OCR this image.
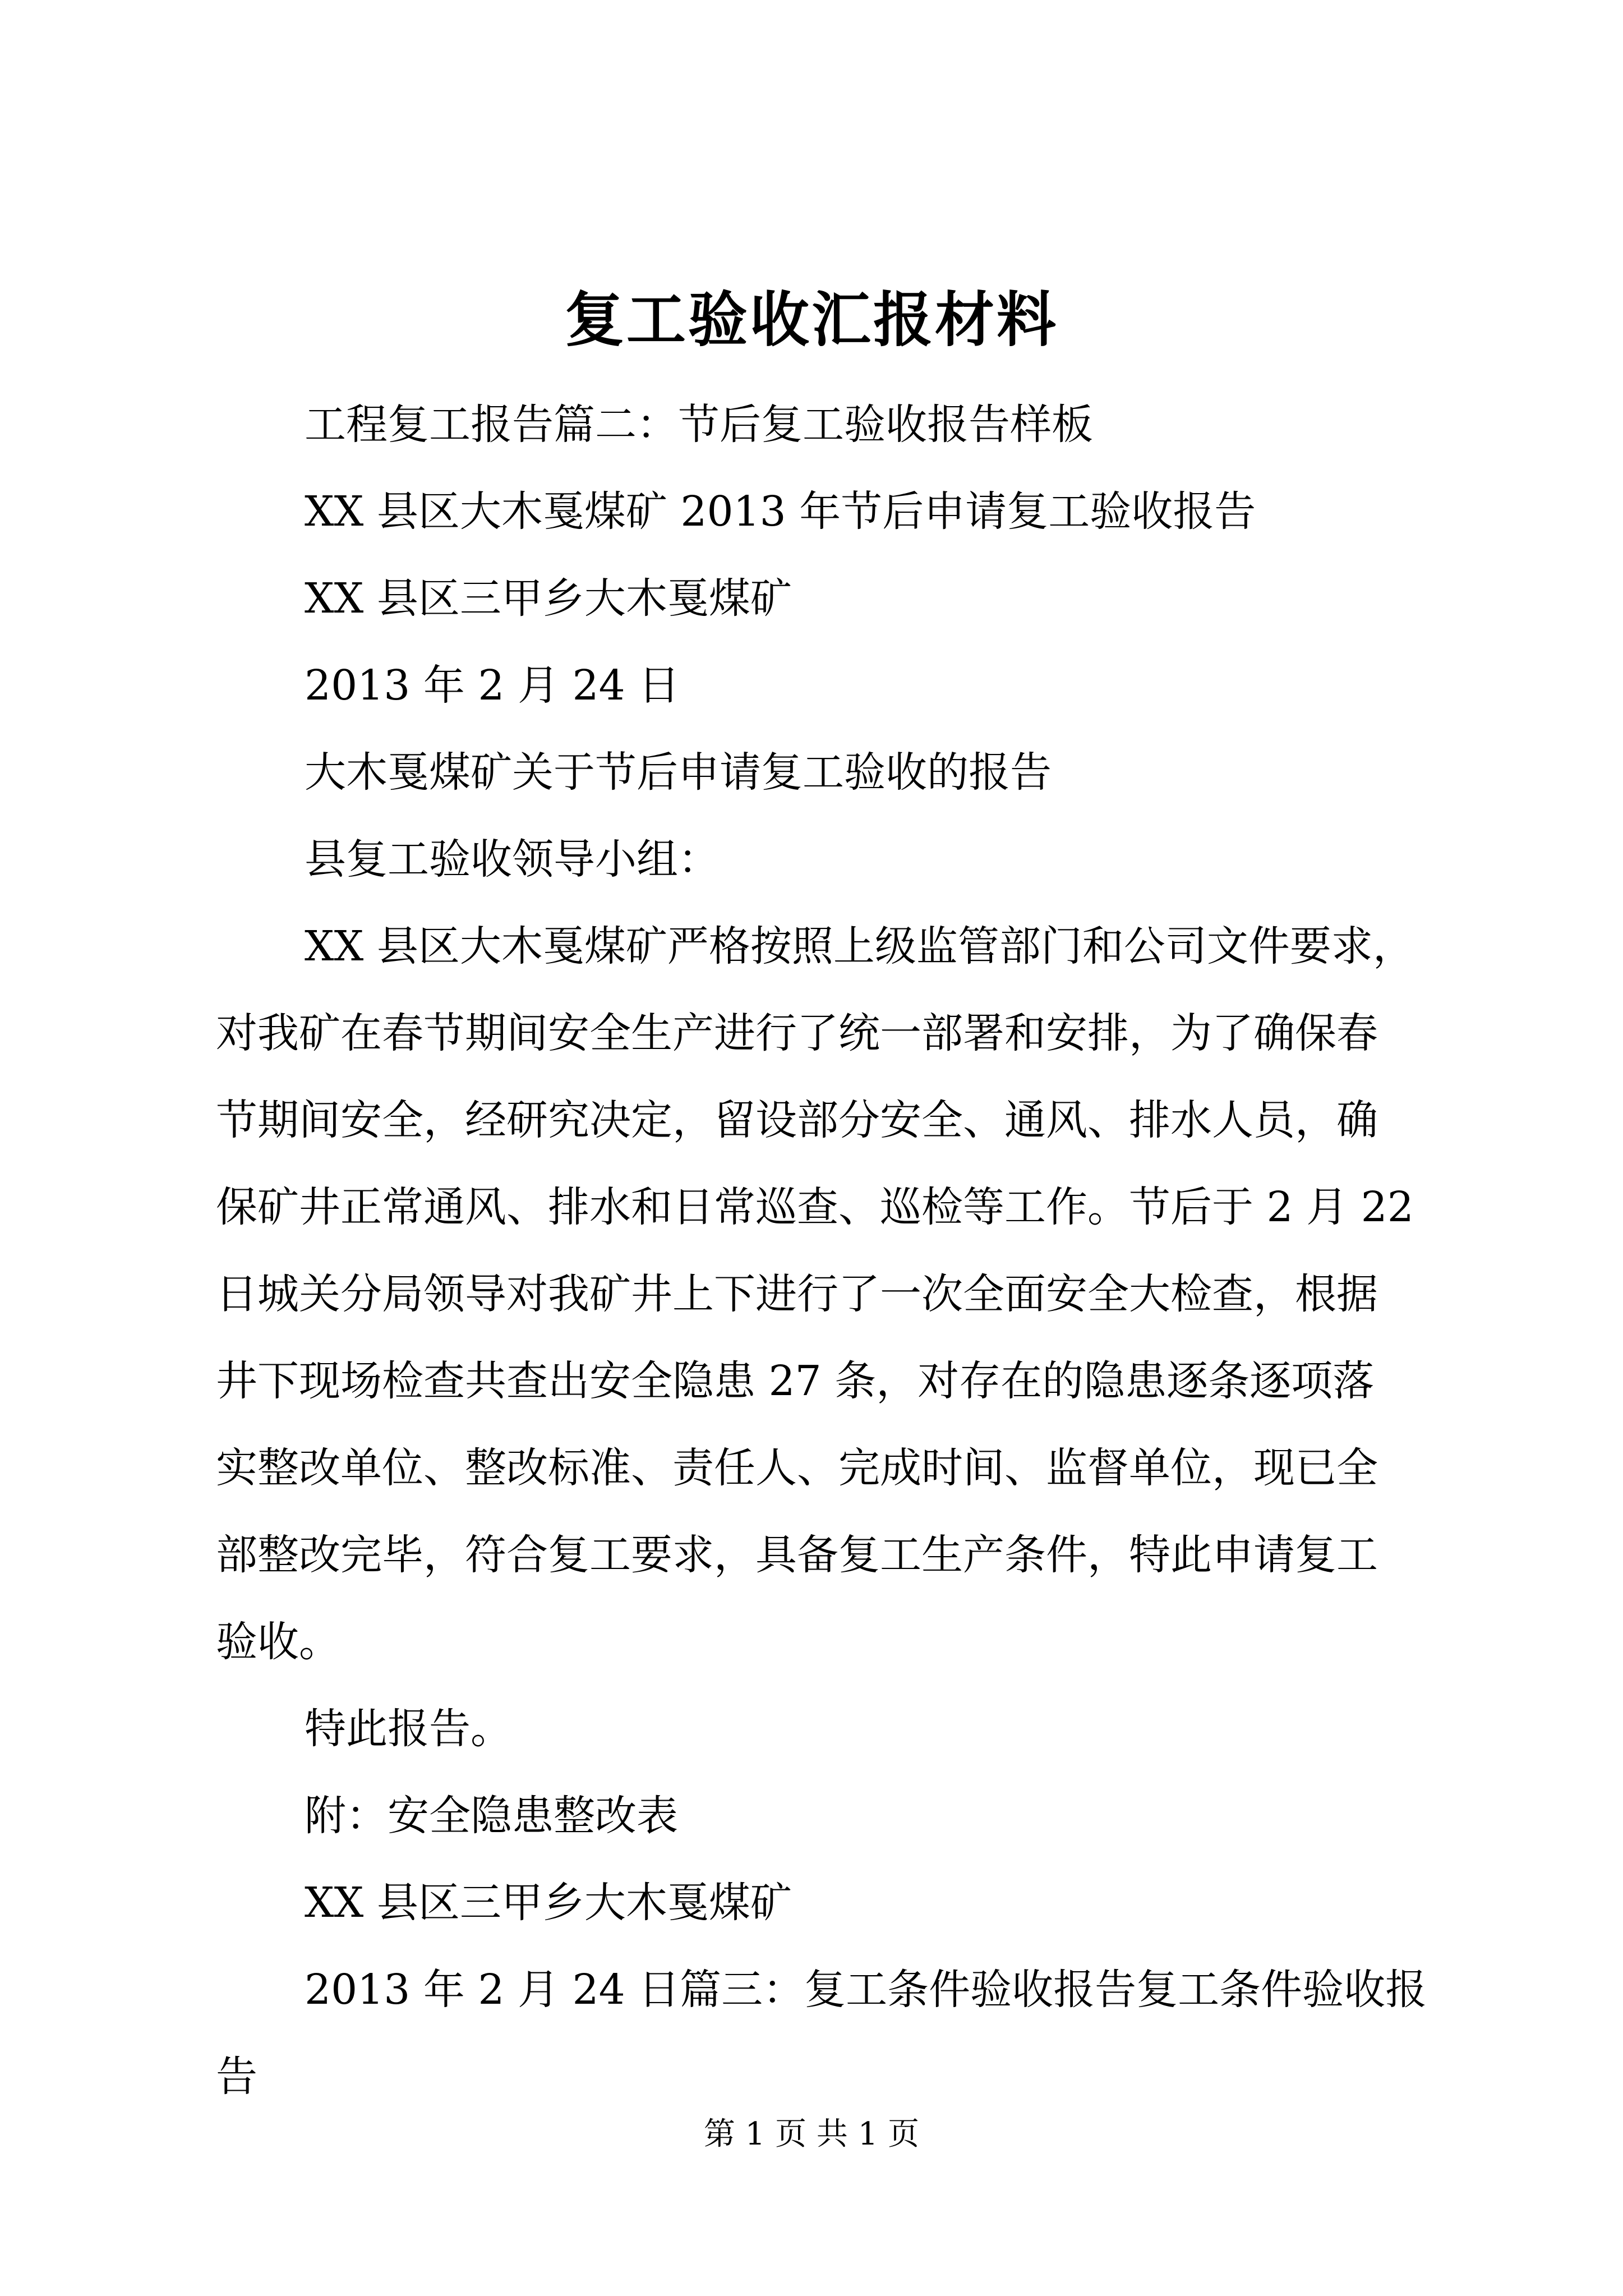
复工验收汇报材料
工程复工报告篇二：节后复工验收报告样板
XX 县区大木戛煤矿 2013 年节后申请复工验收报告
XX 县区三甲乡大木戛煤矿
2013 年 2 月 24 日
大木戛煤矿关于节后申请复工验收的报告
县复工验收领导小组：
XX 县区大木戛煤矿严格按照上级监管部门和公司文件要求，
对我矿在春节期间安全生产进行了统一部署和安排，为了确保春
节期间安全，经研究决定，留设部分安全、通风、排水人员，确
保矿井正常通风、排水和日常巡查、巡检等工作。节后于 2 月 22
日城关分局领导对我矿井上下进行了一次全面安全大检查，根据
井下现场检查共查出安全隐患 27 条，对存在的隐患逐条逐项落
实整改单位、整改标准、责任人、完成时间、监督单位，现已全
部整改完毕，符合复工要求，具备复工生产条件，特此申请复工
验收。
特此报告。
附：安全隐患整改表
XX 县区三甲乡大木戛煤矿
2013 年 2 月 24 日篇三：复工条件验收报告复工条件验收报
告
第 1 页 共 1 页
